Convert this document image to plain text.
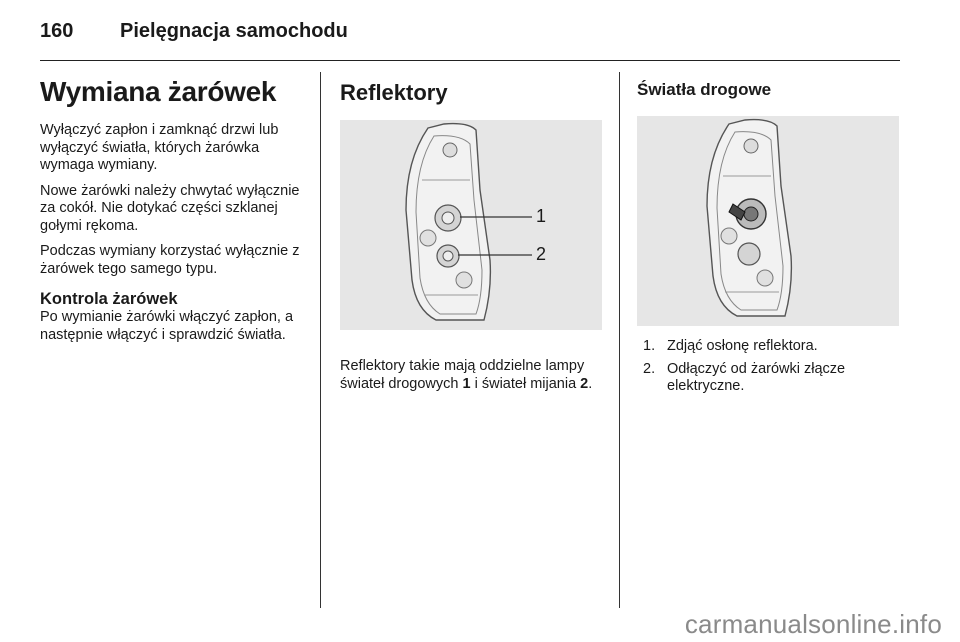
160 Pielęgnacja samochodu
Wymiana żarówek

Wyłączyć zapłon i zamknąć drzwi lub wyłączyć światła, których żarówka wymaga wymiany.

Nowe żarówki należy chwytać wyłącznie za cokół. Nie dotykać części szklanej gołymi rękoma.

Podczas wymiany korzystać wyłącznie z żarówek tego samego typu.

Kontrola żarówek

Po wymianie żarówki włączyć zapłon, a następnie włączyć i sprawdzić światła.

Reflektory
1
2

Reflektory takie mają oddzielne lampy świateł drogowych 1 i świateł mijania 2.

Światła drogowe
1. Zdjąć osłonę reflektora.
2. Odłączyć od żarówki złącze elektryczne.
carmanualsonline.info
